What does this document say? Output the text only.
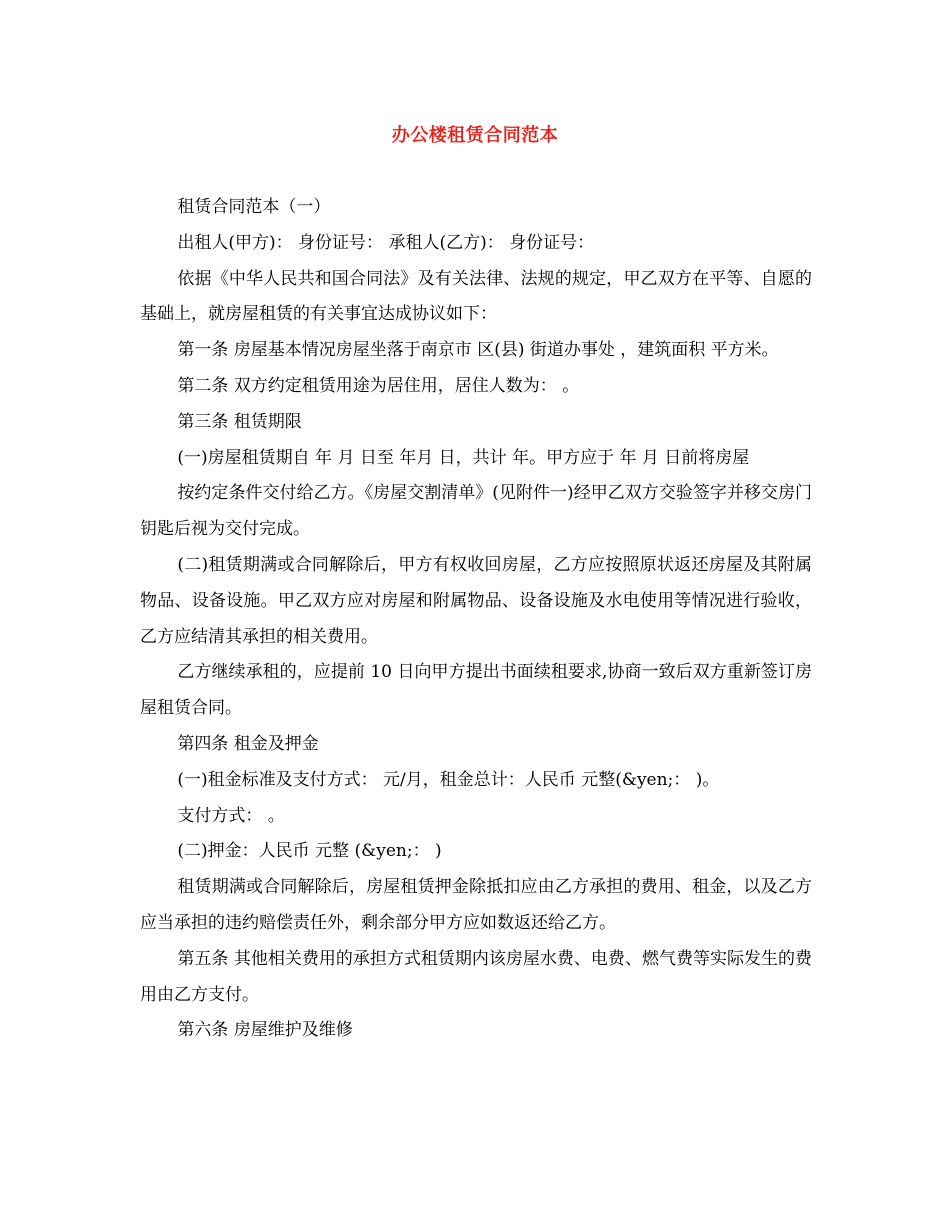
办公楼租赁合同范本

租赁合同范本（一）

出租人(甲方)： 身份证号： 承租人(乙方)： 身份证号：

依据《中华人民共和国合同法》及有关法律、法规的规定，甲乙双方在平等、自愿的基础上，就房屋租赁的有关事宜达成协议如下：

第一条 房屋基本情况房屋坐落于南京市 区(县) 街道办事处 ，建筑面积 平方米。

第二条 双方约定租赁用途为居住用，居住人数为： 。

第三条 租赁期限

(一)房屋租赁期自 年 月 日至 年月 日，共计 年。甲方应于 年 月 日前将房屋

按约定条件交付给乙方。《房屋交割清单》(见附件一)经甲乙双方交验签字并移交房门钥匙后视为交付完成。

(二)租赁期满或合同解除后，甲方有权收回房屋，乙方应按照原状返还房屋及其附属物品、设备设施。甲乙双方应对房屋和附属物品、设备设施及水电使用等情况进行验收，乙方应结清其承担的相关费用。

乙方继续承租的，应提前 10 日向甲方提出书面续租要求,协商一致后双方重新签订房屋租赁合同。

第四条 租金及押金

(一)租金标准及支付方式： 元/月，租金总计：人民币 元整(&yen;： )。

支付方式： 。

(二)押金：人民币 元整 (&yen;： )

租赁期满或合同解除后，房屋租赁押金除抵扣应由乙方承担的费用、租金，以及乙方应当承担的违约赔偿责任外，剩余部分甲方应如数返还给乙方。

第五条 其他相关费用的承担方式租赁期内该房屋水费、电费、燃气费等实际发生的费用由乙方支付。

第六条 房屋维护及维修
